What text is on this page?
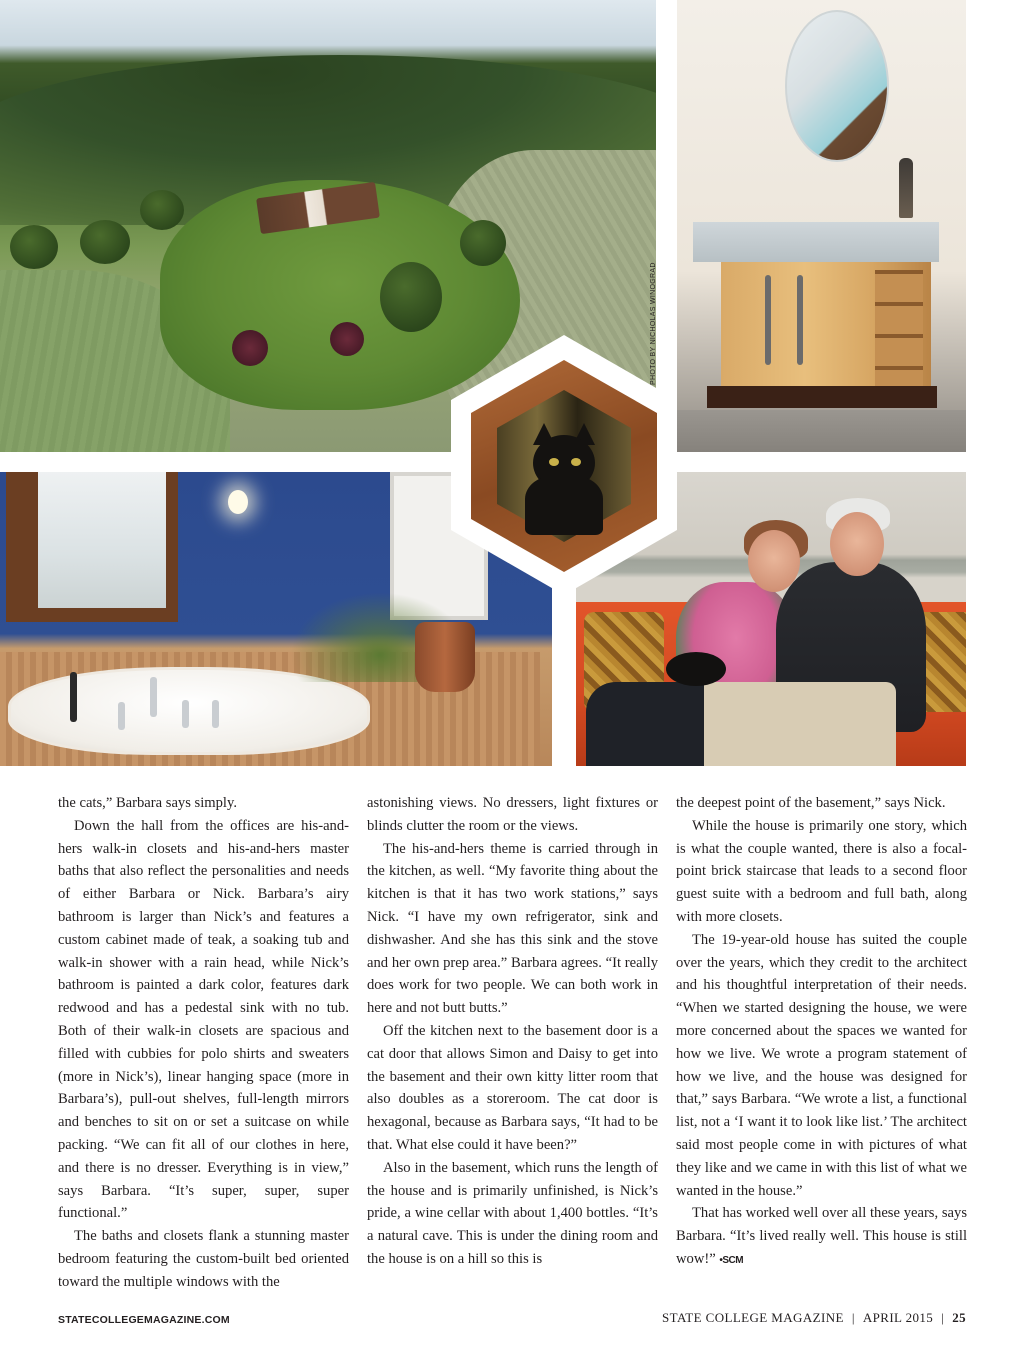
PHOTO BY NICHOLAS WINOGRAD

the cats,” Barbara says simply.

Down the hall from the offices are his-and-hers walk-in closets and his-and-hers master baths that also reflect the personalities and needs of either Barbara or Nick. Barbara’s airy bathroom is larger than Nick’s and features a custom cabinet made of teak, a soaking tub and walk-in shower with a rain head, while Nick’s bathroom is painted a dark color, features dark redwood and has a pedestal sink with no tub. Both of their walk-in closets are spacious and filled with cubbies for polo shirts and sweaters (more in Nick’s), linear hanging space (more in Barbara’s), pull-out shelves, full-length mirrors and benches to sit on or set a suitcase on while packing. “We can fit all of our clothes in here, and there is no dresser. Everything is in view,” says Barbara. “It’s super, super, super functional.”

The baths and closets flank a stunning master bedroom featuring the custom-built bed oriented toward the multiple windows with the

astonishing views. No dressers, light fixtures or blinds clutter the room or the views.

The his-and-hers theme is carried through in the kitchen, as well. “My favorite thing about the kitchen is that it has two work stations,” says Nick. “I have my own refrigerator, sink and dishwasher. And she has this sink and the stove and her own prep area.” Barbara agrees. “It really does work for two people. We can both work in here and not butt butts.”

Off the kitchen next to the basement door is a cat door that allows Simon and Daisy to get into the basement and their own kitty litter room that also doubles as a storeroom. The cat door is hexagonal, because as Barbara says, “It had to be that. What else could it have been?”

Also in the basement, which runs the length of the house and is primarily unfinished, is Nick’s pride, a wine cellar with about 1,400 bottles. “It’s a natural cave. This is under the dining room and the house is on a hill so this is

the deepest point of the basement,” says Nick.

While the house is primarily one story, which is what the couple wanted, there is also a focal-point brick staircase that leads to a second floor guest suite with a bedroom and full bath, along with more closets.

The 19-year-old house has suited the couple over the years, which they credit to the architect and his thoughtful interpretation of their needs. “When we started designing the house, we were more concerned about the spaces we wanted for how we live. We wrote a program statement of how we live, and the house was designed for that,” says Barbara. “We wrote a list, a functional list, not a ‘I want it to look like list.’ The architect said most people come in with pictures of what they like and we came in with this list of what we wanted in the house.”

That has worked well over all these years, says Barbara. “It’s lived really well. This house is still wow!” •SCM

STATECOLLEGEMAGAZINE.COM	STATE COLLEGE MAGAZINE | APRIL 2015 | 25
